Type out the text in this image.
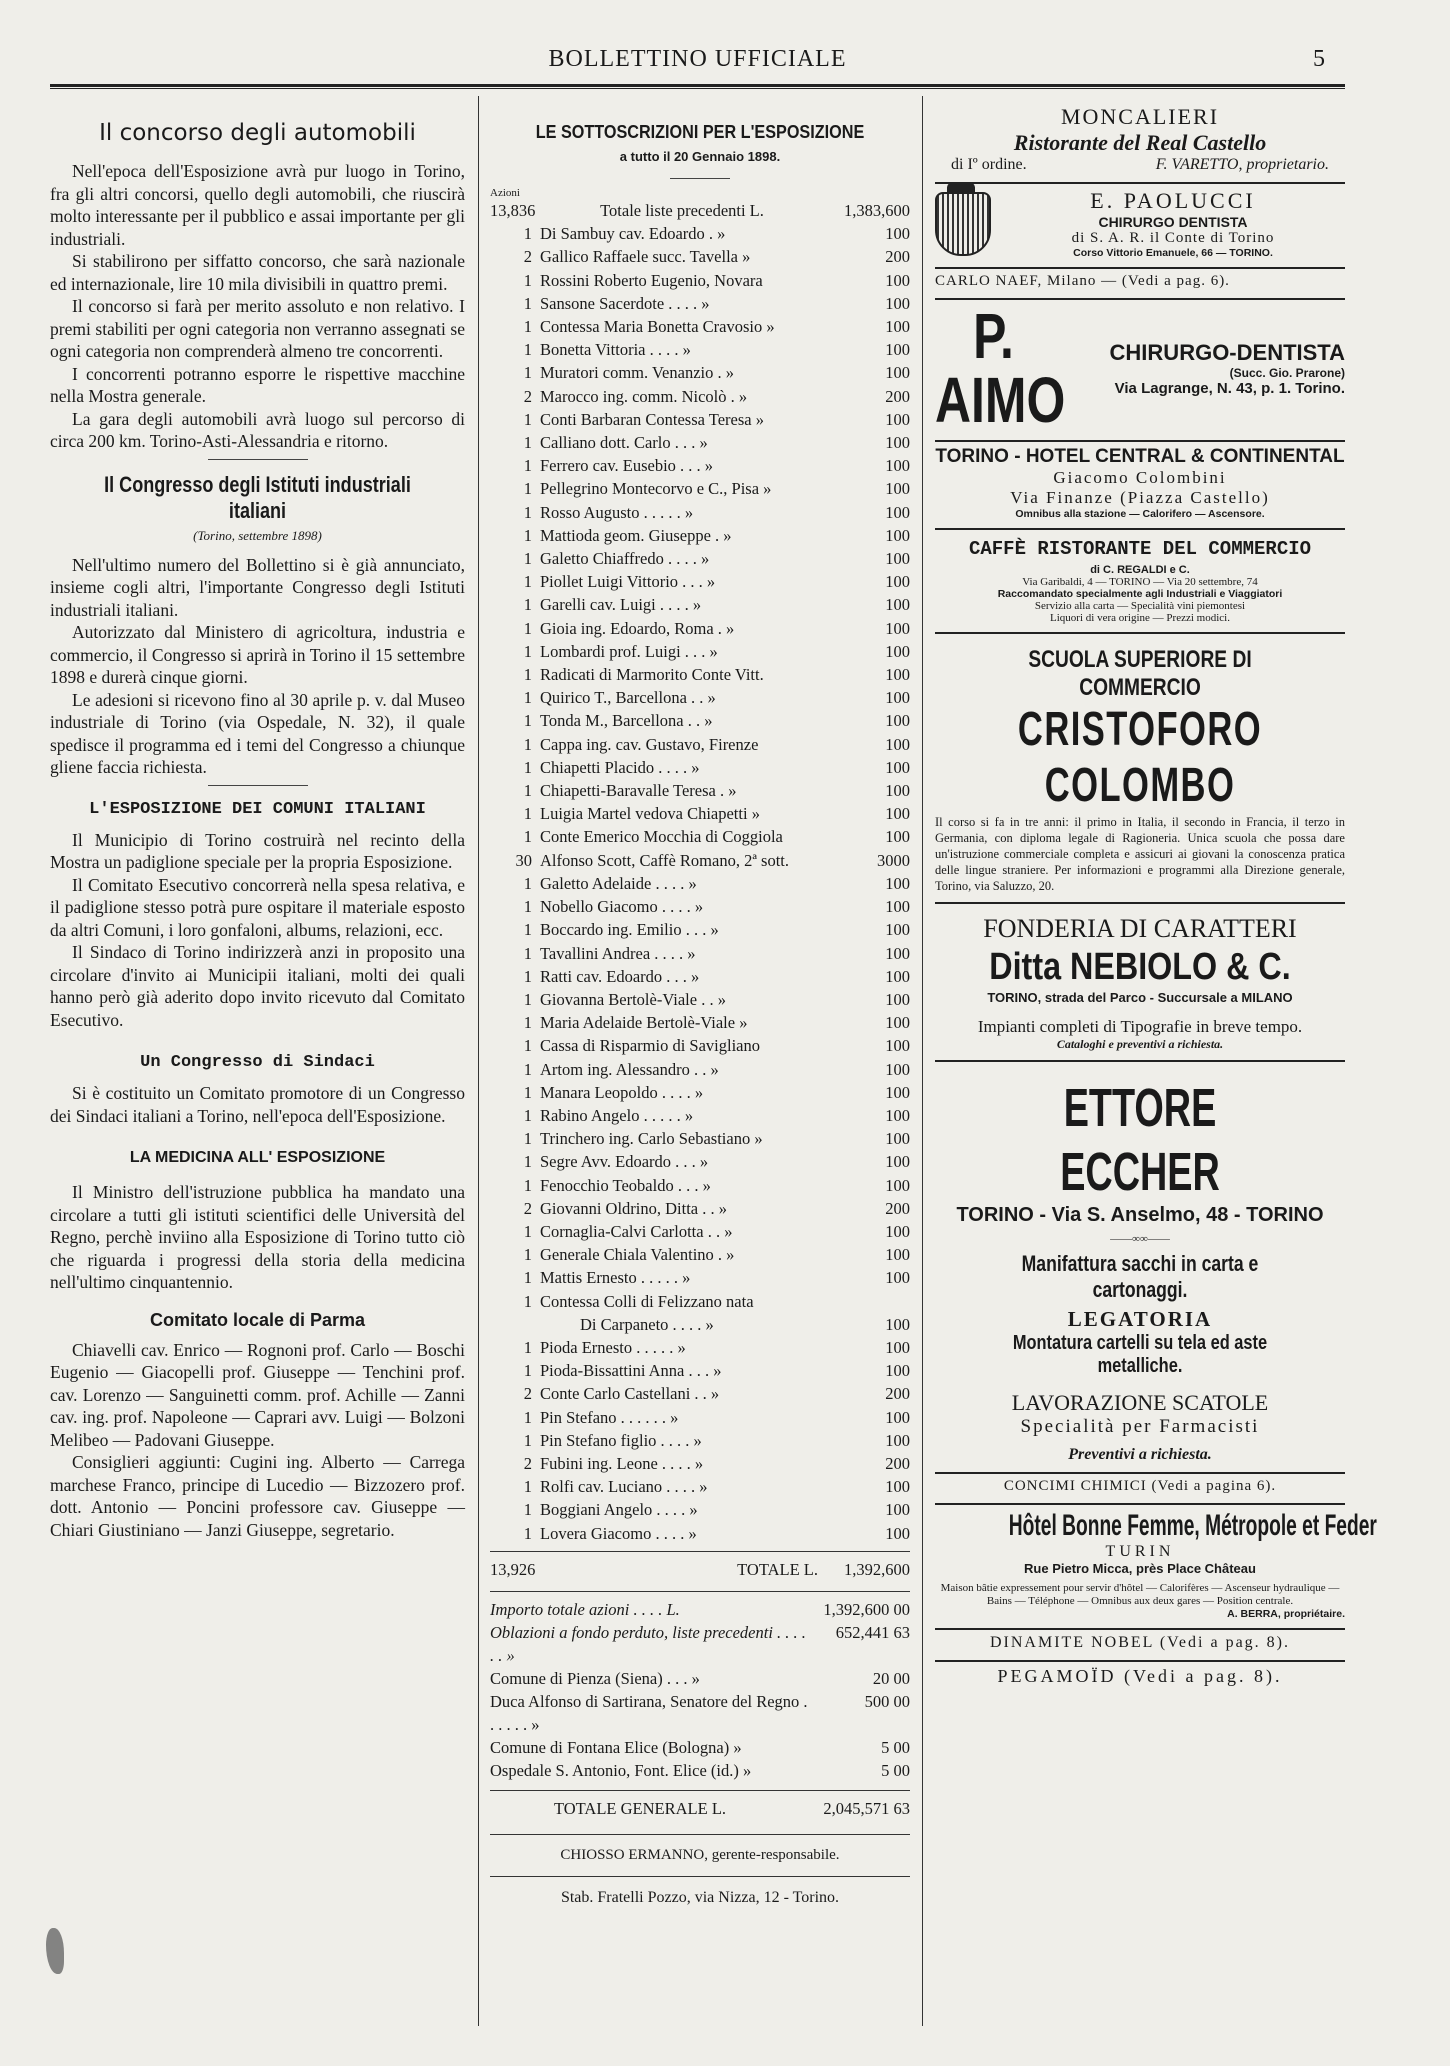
BOLLETTINO UFFICIALE	5
Il concorso degli automobili

Nell'epoca dell'Esposizione avrà pur luogo in Torino, fra gli altri concorsi, quello degli automobili, che riuscirà molto interessante per il pubblico e assai importante per gli industriali.

Si stabilirono per siffatto concorso, che sarà nazionale ed internazionale, lire 10 mila divisibili in quattro premi.

Il concorso si farà per merito assoluto e non relativo. I premi stabiliti per ogni categoria non verranno assegnati se ogni categoria non comprenderà almeno tre concorrenti.

I concorrenti potranno esporre le rispettive macchine nella Mostra generale.

La gara degli automobili avrà luogo sul percorso di circa 200 km. Torino-Asti-Alessandria e ritorno.

Il Congresso degli Istituti industriali italiani
(Torino, settembre 1898)

Nell'ultimo numero del Bollettino si è già annunciato, insieme cogli altri, l'importante Congresso degli Istituti industriali italiani.

Autorizzato dal Ministero di agricoltura, industria e commercio, il Congresso si aprirà in Torino il 15 settembre 1898 e durerà cinque giorni.

Le adesioni si ricevono fino al 30 aprile p. v. dal Museo industriale di Torino (via Ospedale, N. 32), il quale spedisce il programma ed i temi del Congresso a chiunque gliene faccia richiesta.

L'ESPOSIZIONE DEI COMUNI ITALIANI

Il Municipio di Torino costruirà nel recinto della Mostra un padiglione speciale per la propria Esposizione.

Il Comitato Esecutivo concorrerà nella spesa relativa, e il padiglione stesso potrà pure ospitare il materiale esposto da altri Comuni, i loro gonfaloni, albums, relazioni, ecc.

Il Sindaco di Torino indirizzerà anzi in proposito una circolare d'invito ai Municipii italiani, molti dei quali hanno però già aderito dopo invito ricevuto dal Comitato Esecutivo.

Un Congresso di Sindaci

Si è costituito un Comitato promotore di un Congresso dei Sindaci italiani a Torino, nell'epoca dell'Esposizione.

LA MEDICINA ALL' ESPOSIZIONE

Il Ministro dell'istruzione pubblica ha mandato una circolare a tutti gli istituti scientifici delle Università del Regno, perchè inviino alla Esposizione di Torino tutto ciò che riguarda i progressi della storia della medicina nell'ultimo cinquantennio.

Comitato locale di Parma

Chiavelli cav. Enrico — Rognoni prof. Carlo — Boschi Eugenio — Giacopelli prof. Giuseppe — Tenchini prof. cav. Lorenzo — Sanguinetti comm. prof. Achille — Zanni cav. ing. prof. Napoleone — Caprari avv. Luigi — Bolzoni Melibeo — Padovani Giuseppe.

Consiglieri aggiunti: Cugini ing. Alberto — Carrega marchese Franco, principe di Lucedio — Bizzozero prof. dott. Antonio — Poncini professore cav. Giuseppe — Chiari Giustiniano — Janzi Giuseppe, segretario.

LE SOTTOSCRIZIONI PER L'ESPOSIZIONE
a tutto il 20 Gennaio 1898.
Azioni
13,836	Totale liste precedenti L.	1,383,600
1 Di Sambuy cav. Edoardo . »	100
2 Gallico Raffaele succ. Tavella »	200
1 Rossini Roberto Eugenio, Novara	100
1 Sansone Sacerdote . . . . »	100
1 Contessa Maria Bonetta Cravosio »	100
1 Bonetta Vittoria . . . . »	100
1 Muratori comm. Venanzio . »	100
2 Marocco ing. comm. Nicolò . »	200
1 Conti Barbaran Contessa Teresa »	100
1 Calliano dott. Carlo . . . »	100
1 Ferrero cav. Eusebio . . . »	100
1 Pellegrino Montecorvo e C., Pisa »	100
1 Rosso Augusto . . . . . »	100
1 Mattioda geom. Giuseppe . »	100
1 Galetto Chiaffredo . . . . »	100
1 Piollet Luigi Vittorio . . . »	100
1 Garelli cav. Luigi . . . . »	100
1 Gioia ing. Edoardo, Roma . »	100
1 Lombardi prof. Luigi . . . »	100
1 Radicati di Marmorito Conte Vitt.	100
1 Quirico T., Barcellona . . »	100
1 Tonda M., Barcellona . . »	100
1 Cappa ing. cav. Gustavo, Firenze	100
1 Chiapetti Placido . . . . »	100
1 Chiapetti-Baravalle Teresa . »	100
1 Luigia Martel vedova Chiapetti »	100
1 Conte Emerico Mocchia di Coggiola	100
30 Alfonso Scott, Caffè Romano, 2ª sott.	3000
1 Galetto Adelaide . . . . »	100
1 Nobello Giacomo . . . . »	100
1 Boccardo ing. Emilio . . . »	100
1 Tavallini Andrea . . . . »	100
1 Ratti cav. Edoardo . . . »	100
1 Giovanna Bertolè-Viale . . »	100
1 Maria Adelaide Bertolè-Viale »	100
1 Cassa di Risparmio di Savigliano	100
1 Artom ing. Alessandro . . »	100
1 Manara Leopoldo . . . . »	100
1 Rabino Angelo . . . . . »	100
1 Trinchero ing. Carlo Sebastiano »	100
1 Segre Avv. Edoardo . . . »	100
1 Fenocchio Teobaldo . . . »	100
2 Giovanni Oldrino, Ditta . . »	200
1 Cornaglia-Calvi Carlotta . . »	100
1 Generale Chiala Valentino . »	100
1 Mattis Ernesto . . . . . »	100
1 Contessa Colli di Felizzano nata
Di Carpaneto . . . . »	100
1 Pioda Ernesto . . . . . »	100
1 Pioda-Bissattini Anna . . . »	100
2 Conte Carlo Castellani . . »	200
1 Pin Stefano . . . . . . »	100
1 Pin Stefano figlio . . . . »	100
2 Fubini ing. Leone . . . . »	200
1 Rolfi cav. Luciano . . . . »	100
1 Boggiani Angelo . . . . »	100
1 Lovera Giacomo . . . . »	100
13,926	TOTALE L.	1,392,600
Importo totale azioni . . . . L.	1,392,600 00
Oblazioni a fondo perduto, liste precedenti . . . . . . »
652,441 63
Comune di Pienza (Siena) . . . »	20 00
Duca Alfonso di Sartirana, Senatore del Regno . . . . . . »
500 00
Comune di Fontana Elice (Bologna) »	5 00
Ospedale S. Antonio, Font. Elice (id.) »	5 00
TOTALE GENERALE L.	2,045,571 63
CHIOSSO ERMANNO, gerente-responsabile.
Stab. Fratelli Pozzo, via Nizza, 12 - Torino.
MONCALIERI
Ristorante del Real Castello
di Iº ordine.	F. VARETTO, proprietario.
E. PAOLUCCI
CHIRURGO DENTISTA
di S. A. R. il Conte di Torino
Corso Vittorio Emanuele, 66 — TORINO.
CARLO NAEF, Milano — (Vedi a pag. 6).
P. AIMO
CHIRURGO-DENTISTA
(Succ. Gio. Prarone)
Via Lagrange, N. 43, p. 1. Torino.
TORINO - HOTEL CENTRAL & CONTINENTAL
Giacomo Colombini
Via Finanze (Piazza Castello)
Omnibus alla stazione — Calorifero — Ascensore.
CAFFÈ RISTORANTE DEL COMMERCIO
di C. REGALDI e C.
Via Garibaldi, 4 — TORINO — Via 20 settembre, 74
Raccomandato specialmente agli Industriali e Viaggiatori
Servizio alla carta — Specialità vini piemontesi
Liquori di vera origine — Prezzi modici.
SCUOLA SUPERIORE DI COMMERCIO
CRISTOFORO COLOMBO
Il corso si fa in tre anni: il primo in Italia, il secondo in Francia, il terzo in Germania, con diploma legale di Ragioneria. Unica scuola che possa dare un'istruzione commerciale completa e assicuri ai giovani la conoscenza pratica delle lingue straniere. Per informazioni e programmi alla Direzione generale, Torino, via Saluzzo, 20.
FONDERIA DI CARATTERI
Ditta NEBIOLO & C.
TORINO, strada del Parco - Succursale a MILANO
Impianti completi di Tipografie in breve tempo.
Cataloghi e preventivi a richiesta.
ETTORE ECCHER
TORINO - Via S. Anselmo, 48 - TORINO
——∞∞——
Manifattura sacchi in carta e cartonaggi.
LEGATORIA
Montatura cartelli su tela ed aste metalliche.
LAVORAZIONE SCATOLE
Specialità per Farmacisti
Preventivi a richiesta.
CONCIMI CHIMICI (Vedi a pagina 6).
Hôtel Bonne Femme, Métropole et Feder
TURIN
Rue Pietro Micca, près Place Château
Maison bâtie expressement pour servir d'hôtel — Calorifères — Ascenseur hydraulique — Bains — Téléphone — Omnibus aux deux gares — Position centrale.
A. BERRA, propriétaire.
DINAMITE NOBEL (Vedi a pag. 8).
PEGAMOÏD (Vedi a pag. 8).
